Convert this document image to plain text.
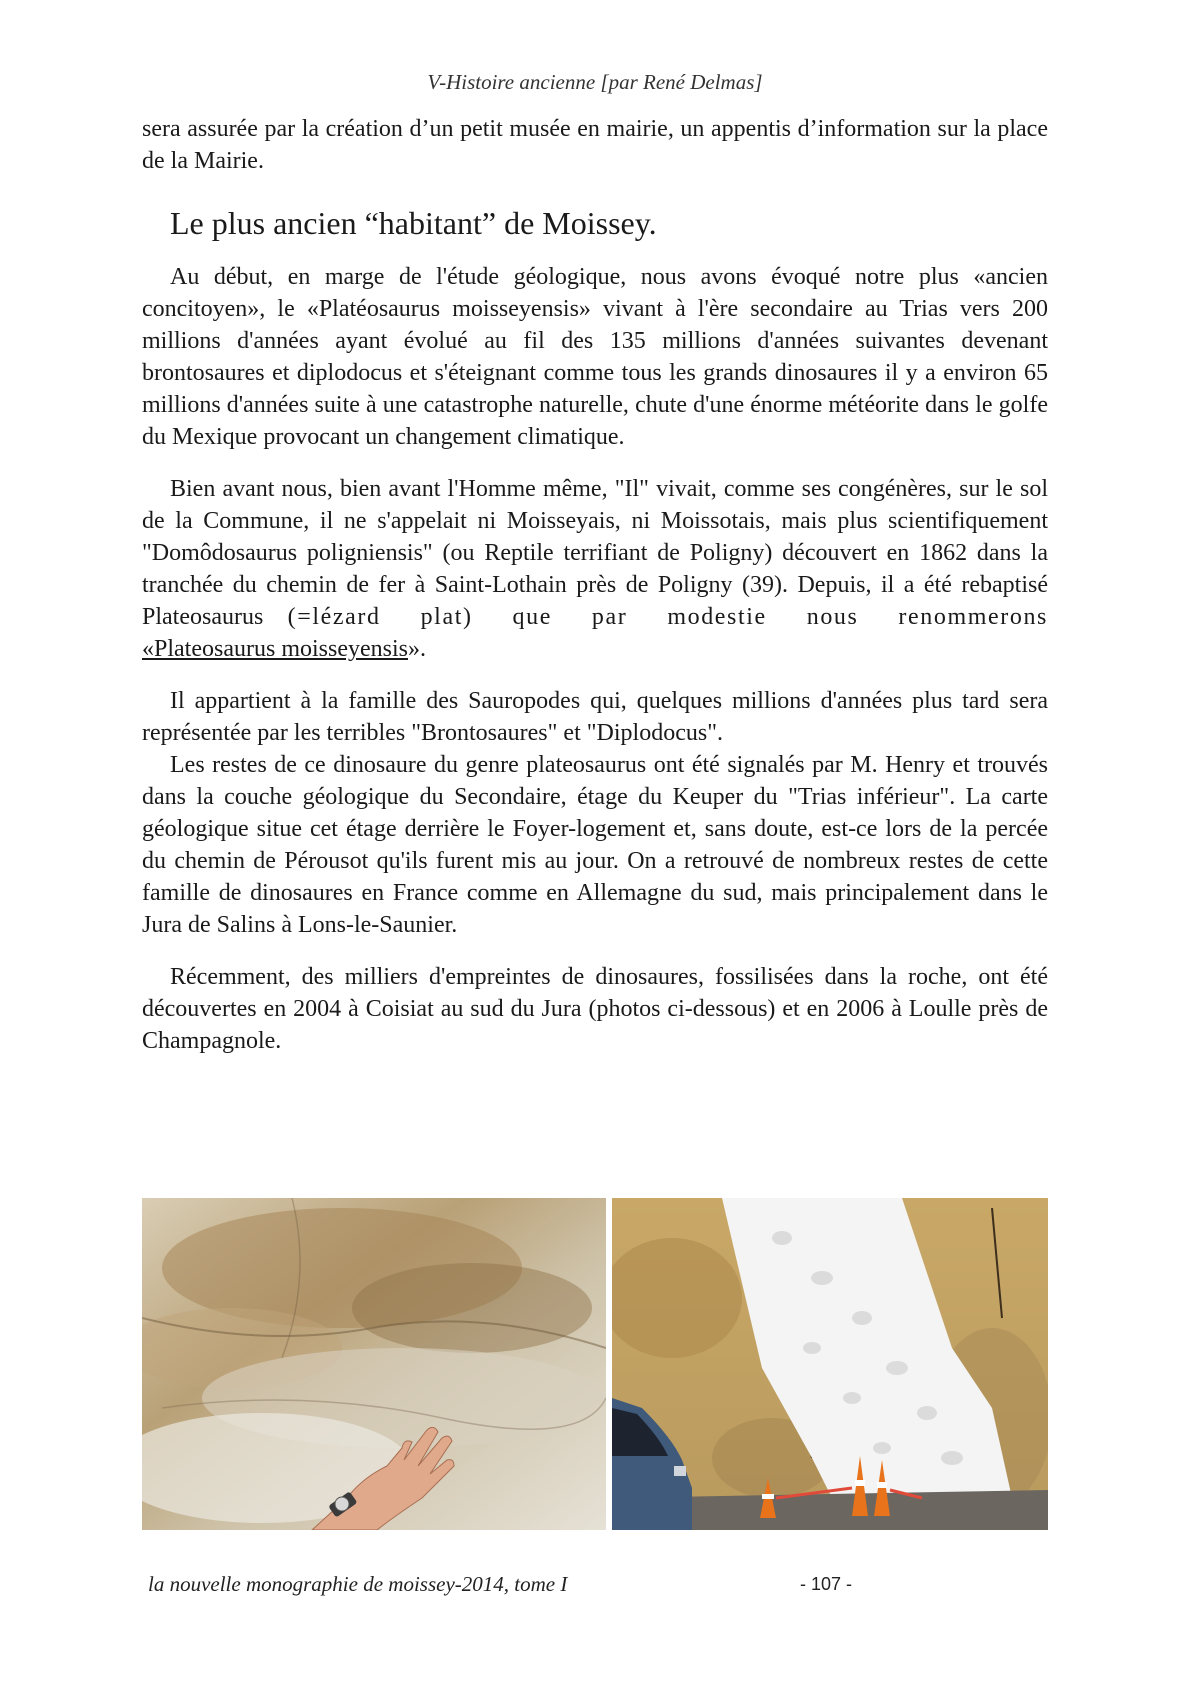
V-Histoire ancienne [par René Delmas]

sera assurée par la création d’un petit musée en mairie, un appentis d’information sur la place de la Mairie.

Le plus ancien “habitant” de Moissey.

Au début, en marge de l'étude géologique, nous avons évoqué notre plus «ancien concitoyen», le «Platéosaurus moisseyensis» vivant à l'ère secondaire au Trias vers 200 millions d'années ayant évolué au fil des 135 millions d'années suivantes devenant brontosaures et diplodocus et s'éteignant comme tous les grands dinosaures il y a environ 65 millions d'années suite à une catastrophe naturelle, chute d'une énorme météorite dans le golfe du Mexique provocant un changement climatique.

Bien avant nous, bien avant l'Homme même, "Il" vivait, comme ses congénères, sur le sol de la Commune, il ne s'appelait ni Moisseyais, ni Moissotais, mais plus scientifiquement "Domôdosaurus poligniensis" (ou Reptile terrifiant de Poligny) découvert en 1862 dans la tranchée du chemin de fer à Saint-Lothain près de Poligny (39). Depuis, il a été rebaptisé Plateosaurus (=lézard plat) que par modestie nous renommerons «Plateosaurus moisseyensis».

Il appartient à la famille des Sauropodes qui, quelques millions d'années plus tard sera représentée par les terribles "Brontosaures" et "Diplodocus".

Les restes de ce dinosaure du genre plateosaurus ont été signalés par M. Henry et trouvés dans la couche géologique du Secondaire, étage du Keuper du "Trias inférieur". La carte géologique situe cet étage derrière le Foyer-logement et, sans doute, est-ce lors de la percée du chemin de Pérousot qu'ils furent mis au jour. On a retrouvé de nombreux restes de cette famille de dinosaures en France comme en Allemagne du sud, mais principalement dans le Jura de Salins à Lons-le-Saunier.

Récemment, des milliers d'empreintes de dinosaures, fossilisées dans la roche, ont été découvertes en 2004 à Coisiat au sud du Jura (photos ci-dessous) et en 2006 à Loulle près de Champagnole.

la nouvelle monographie de moissey-2014, tome I	- 107 -
